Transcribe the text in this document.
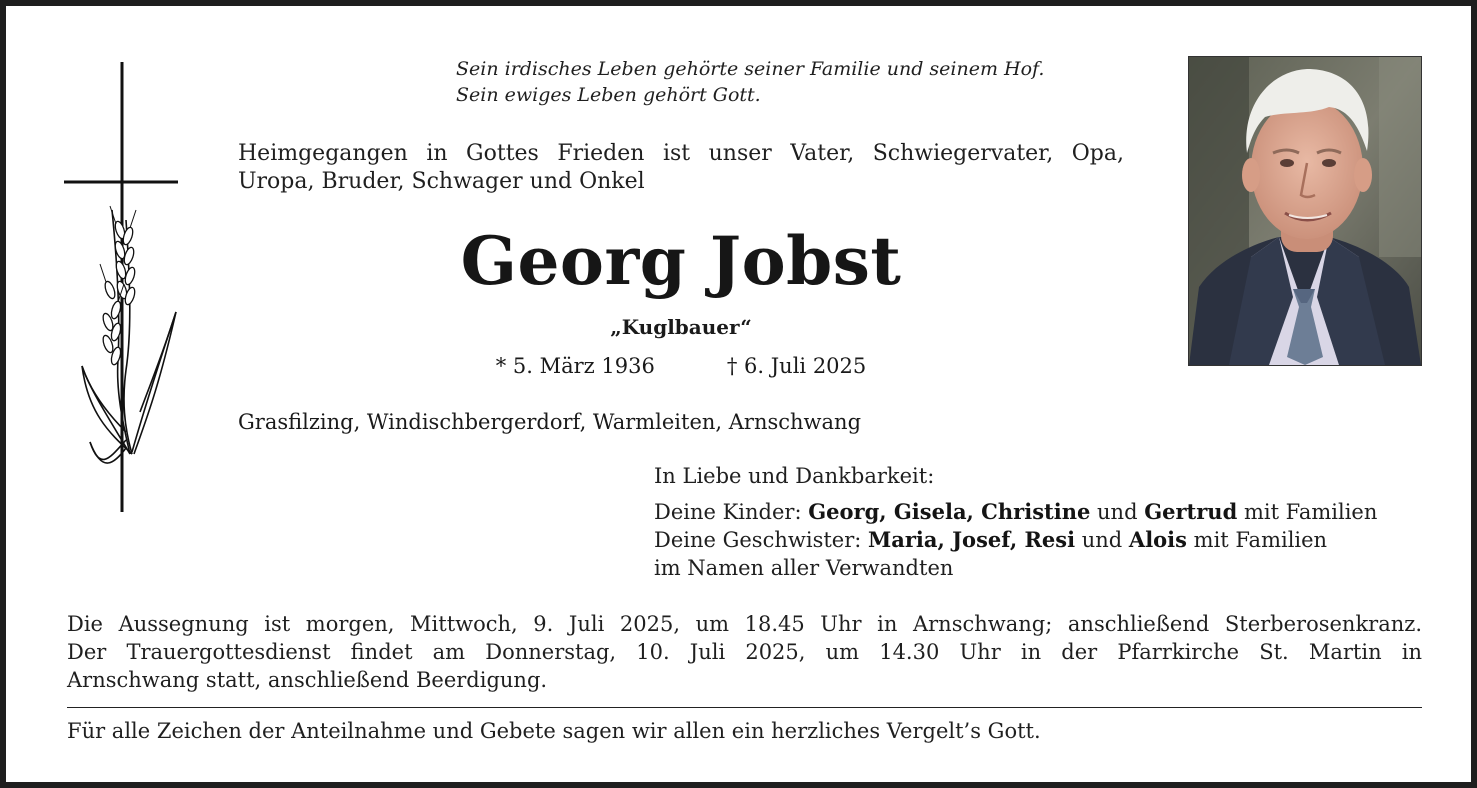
Sein irdisches Leben gehörte seiner Familie und seinem Hof.
Sein ewiges Leben gehört Gott.
Heimgegangen in Gottes Frieden ist unser Vater, Schwiegervater, Opa,
Uropa, Bruder, Schwager und Onkel
Georg Jobst
„Kuglbauer“
* 5. März 1936	† 6. Juli 2025
Grasfilzing, Windischbergerdorf, Warmleiten, Arnschwang
In Liebe und Dankbarkeit:
Deine Kinder: Georg, Gisela, Christine und Gertrud mit Familien
Deine Geschwister: Maria, Josef, Resi und Alois mit Familien
im Namen aller Verwandten
Die Aussegnung ist morgen, Mittwoch, 9. Juli 2025, um 18.45 Uhr in Arnschwang; anschließend Sterberosenkranz.
Der Trauergottesdienst findet am Donnerstag, 10. Juli 2025, um 14.30 Uhr in der Pfarrkirche St. Martin in
Arnschwang statt, anschließend Beerdigung.
Für alle Zeichen der Anteilnahme und Gebete sagen wir allen ein herzliches Vergelt’s Gott.
